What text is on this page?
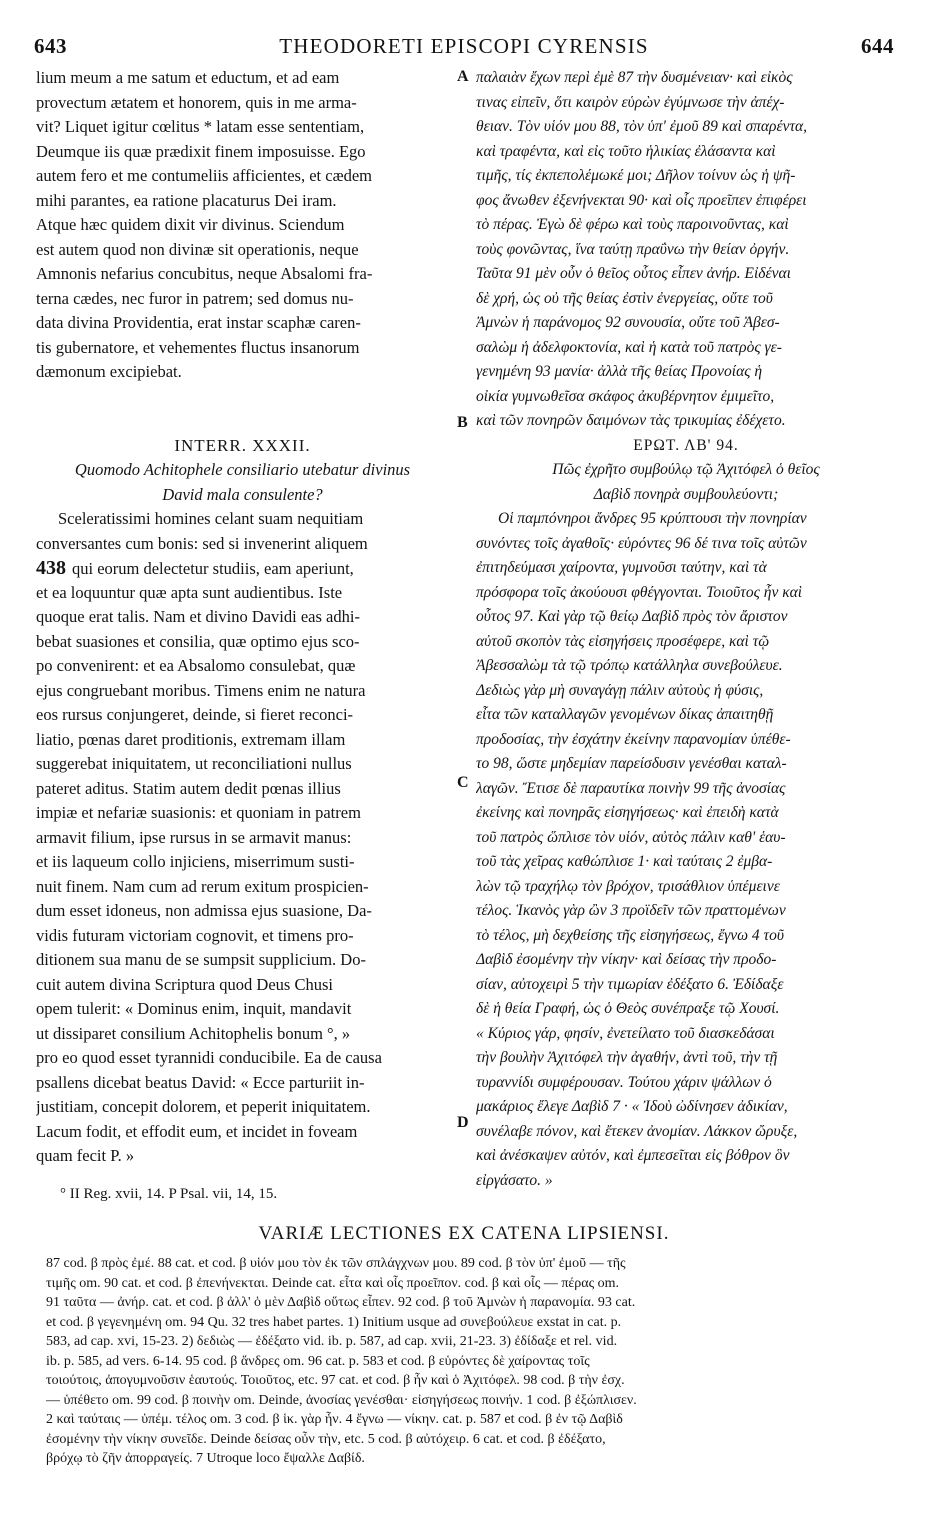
643	THEODORETI EPISCOPI CYRENSIS	644
lium meum a me satum et eductum, et ad eam
provectum ætatem et honorem, quis in me arma-
vit? Liquet igitur cœlitus * latam esse sententiam,
Deumque iis quæ prædixit finem imposuisse. Ego
autem fero et me contumeliis afficientes, et cædem
mihi parantes, ea ratione placaturus Dei iram.
Atque hæc quidem dixit vir divinus. Sciendum
est autem quod non divinæ sit operationis, neque
Amnonis nefarius concubitus, neque Absalomi fra-
terna cædes, nec furor in patrem; sed domus nu-
data divina Providentia, erat instar scaphæ caren-
tis gubernatore, et vehementes fluctus insanorum
dæmonum excipiebat.
INTERR. XXXII.
Quomodo Achitophele consiliario utebatur divinus
David mala consulente?
Sceleratissimi homines celant suam nequitiam
conversantes cum bonis: sed si invenerint aliquem
438 qui eorum delectetur studiis, eam aperiunt,
et ea loquuntur quæ apta sunt audientibus. Iste
quoque erat talis. Nam et divino Davidi eas adhi-
bebat suasiones et consilia, quæ optimo ejus sco-
po convenirent: et ea Absalomo consulebat, quæ
ejus congruebant moribus. Timens enim ne natura
eos rursus conjungeret, deinde, si fieret reconci-
liatio, pœnas daret proditionis, extremam illam
suggerebat iniquitatem, ut reconciliationi nullus
pateret aditus. Statim autem dedit pœnas illius
impiæ et nefariæ suasionis: et quoniam in patrem
armavit filium, ipse rursus in se armavit manus:
et iis laqueum collo injiciens, miserrimum susti-
nuit finem. Nam cum ad rerum exitum prospicien-
dum esset idoneus, non admissa ejus suasione, Da-
vidis futuram victoriam cognovit, et timens pro-
ditionem sua manu de se sumpsit supplicium. Do-
cuit autem divina Scriptura quod Deus Chusi
opem tulerit: « Dominus enim, inquit, mandavit
ut dissiparet consilium Achitophelis bonum °, »
pro eo quod esset tyrannidi conducibile. Ea de causa
psallens dicebat beatus David: « Ecce parturiit in-
justitiam, concepit dolorem, et peperit iniquitatem.
Lacum fodit, et effodit eum, et incidet in foveam
quam fecit P. »
A
B
C
D
παλαιὰν ἔχων περὶ ἐμὲ 87 τὴν δυσμένειαν· καὶ εἰκὸς
τινας εἰπεῖν, ὅτι καιρὸν εὑρὼν ἐγύμνωσε τὴν ἀπέχ-
θειαν. Τὸν υἱόν μου 88, τὸν ὑπ' ἐμοῦ 89 καὶ σπαρέντα,
καὶ τραφέντα, καὶ εἰς τοῦτο ἡλικίας ἐλάσαντα καὶ
τιμῆς, τίς ἐκπεπολέμωκέ μοι; Δῆλον τοίνυν ὡς ἡ ψῆ-
φος ἄνωθεν ἐξενήνεκται 90· καὶ οἷς προεῖπεν ἐπιφέρει
τὸ πέρας. Ἐγὼ δὲ φέρω καὶ τοὺς παροινοῦντας, καὶ
τοὺς φονῶντας, ἵνα ταύτῃ πραΰνω τὴν θείαν ὀργήν.
Ταῦτα 91 μὲν οὖν ὁ θεῖος οὗτος εἶπεν ἀνήρ. Εἰδέναι
δὲ χρή, ὡς οὐ τῆς θείας ἐστὶν ἐνεργείας, οὔτε τοῦ
Ἀμνὼν ἡ παράνομος 92 συνουσία, οὔτε τοῦ Ἀβεσ-
σαλὼμ ἡ ἀδελφοκτονία, καὶ ἡ κατὰ τοῦ πατρὸς γε-
γενημένη 93 μανία· ἀλλὰ τῆς θείας Προνοίας ἡ
οἰκία γυμνωθεῖσα σκάφος ἀκυβέρνητον ἐμιμεῖτο,
καὶ τῶν πονηρῶν δαιμόνων τὰς τρικυμίας ἐδέχετο.
ΕΡΩΤ. ΛΒ' 94.
Πῶς ἐχρῆτο συμβούλῳ τῷ Ἀχιτόφελ ὁ θεῖος
Δαβὶδ πονηρὰ συμβουλεύοντι;
Οἱ παμπόνηροι ἄνδρες 95 κρύπτουσι τὴν πονηρίαν
συνόντες τοῖς ἀγαθοῖς· εὑρόντες 96 δέ τινα τοῖς αὐτῶν
ἐπιτηδεύμασι χαίροντα, γυμνοῦσι ταύτην, καὶ τὰ
πρόσφορα τοῖς ἀκούουσι φθέγγονται. Τοιοῦτος ἦν καὶ
οὗτος 97. Καὶ γὰρ τῷ θείῳ Δαβὶδ πρὸς τὸν ἄριστον
αὐτοῦ σκοπὸν τὰς εἰσηγήσεις προσέφερε, καὶ τῷ
Ἀβεσσαλὼμ τὰ τῷ τρόπῳ κατάλληλα συνεβούλευε.
Δεδιὼς γὰρ μὴ συναγάγῃ πάλιν αὐτοὺς ἡ φύσις,
εἶτα τῶν καταλλαγῶν γενομένων δίκας ἀπαιτηθῇ
προδοσίας, τὴν ἐσχάτην ἐκείνην παρανομίαν ὑπέθε-
το 98, ὥστε μηδεμίαν παρείσδυσιν γενέσθαι καταλ-
λαγῶν. Ἔτισε δὲ παραυτίκα ποινὴν 99 τῆς ἀνοσίας
ἐκείνης καὶ πονηρᾶς εἰσηγήσεως· καὶ ἐπειδὴ κατὰ
τοῦ πατρὸς ὥπλισε τὸν υἱόν, αὐτὸς πάλιν καθ' ἑαυ-
τοῦ τὰς χεῖρας καθώπλισε 1· καὶ ταύταις 2 ἐμβα-
λὼν τῷ τραχήλῳ τὸν βρόχον, τρισάθλιον ὑπέμεινε
τέλος. Ἱκανὸς γὰρ ὢν 3 προϊδεῖν τῶν πραττομένων
τὸ τέλος, μὴ δεχθείσης τῆς εἰσηγήσεως, ἔγνω 4 τοῦ
Δαβὶδ ἐσομένην τὴν νίκην· καὶ δείσας τὴν προδο-
σίαν, αὐτοχειρὶ 5 τὴν τιμωρίαν ἐδέξατο 6. Ἐδίδαξε
δὲ ἡ θεία Γραφή, ὡς ὁ Θεὸς συνέπραξε τῷ Χουσί.
« Κύριος γάρ, φησίν, ἐνετείλατο τοῦ διασκεδάσαι
τὴν βουλὴν Ἀχιτόφελ τὴν ἀγαθήν, ἀντὶ τοῦ, τὴν τῇ
τυραννίδι συμφέρουσαν. Τούτου χάριν ψάλλων ὁ
μακάριος ἔλεγε Δαβὶδ 7 · « Ἰδοὺ ὠδίνησεν ἀδικίαν,
συνέλαβε πόνον, καὶ ἔτεκεν ἀνομίαν. Λάκκον ὤρυξε,
καὶ ἀνέσκαψεν αὐτόν, καὶ ἐμπεσεῖται εἰς βόθρον ὃν
εἰργάσατο. »
° II Reg. xvii, 14. P Psal. vii, 14, 15.
VARIÆ LECTIONES EX CATENA LIPSIENSI.
87 cod. β πρὸς ἐμέ. 88 cat. et cod. β υἱόν μου τὸν ἐκ τῶν σπλάγχνων μου. 89 cod. β τὸν ὑπ' ἐμοῦ — τῆς
τιμῆς om. 90 cat. et cod. β ἐπενήνεκται. Deinde cat. εἶτα καὶ οἷς προεῖπον. cod. β καὶ οἷς — πέρας om.
91 ταῦτα — ἀνήρ. cat. et cod. β ἀλλ' ὁ μὲν Δαβὶδ οὕτως εἶπεν. 92 cod. β τοῦ Ἀμνὼν ἡ παρανομία. 93 cat.
et cod. β γεγενημένη om. 94 Qu. 32 tres habet partes. 1) Initium usque ad συνεβούλευε exstat in cat. p.
583, ad cap. xvi, 15-23. 2) δεδιὼς — ἐδέξατο vid. ib. p. 587, ad cap. xvii, 21-23. 3) ἐδίδαξε et rel. vid.
ib. p. 585, ad vers. 6-14. 95 cod. β ἄνδρες om. 96 cat. p. 583 et cod. β εὑρόντες δὲ χαίροντας τοῖς
τοιούτοις, ἀπογυμνοῦσιν ἑαυτούς. Τοιοῦτος, etc. 97 cat. et cod. β ἦν καὶ ὁ Ἀχιτόφελ. 98 cod. β τὴν ἐσχ.
— ὑπέθετο om. 99 cod. β ποινὴν om. Deinde, ἀνοσίας γενέσθαι· εἰσηγήσεως ποινήν. 1 cod. β ἐξώπλισεν.
2 καὶ ταύταις — ὑπέμ. τέλος om. 3 cod. β ἱκ. γὰρ ἦν. 4 ἔγνω — νίκην. cat. p. 587 et cod. β ἐν τῷ Δαβὶδ
ἐσομένην τὴν νίκην συνεῖδε. Deinde δείσας οὖν τὴν, etc. 5 cod. β αὐτόχειρ. 6 cat. et cod. β ἐδέξατο,
βρόχῳ τὸ ζῆν ἀπορραγείς. 7 Utroque loco ἔψαλλε Δαβίδ.
